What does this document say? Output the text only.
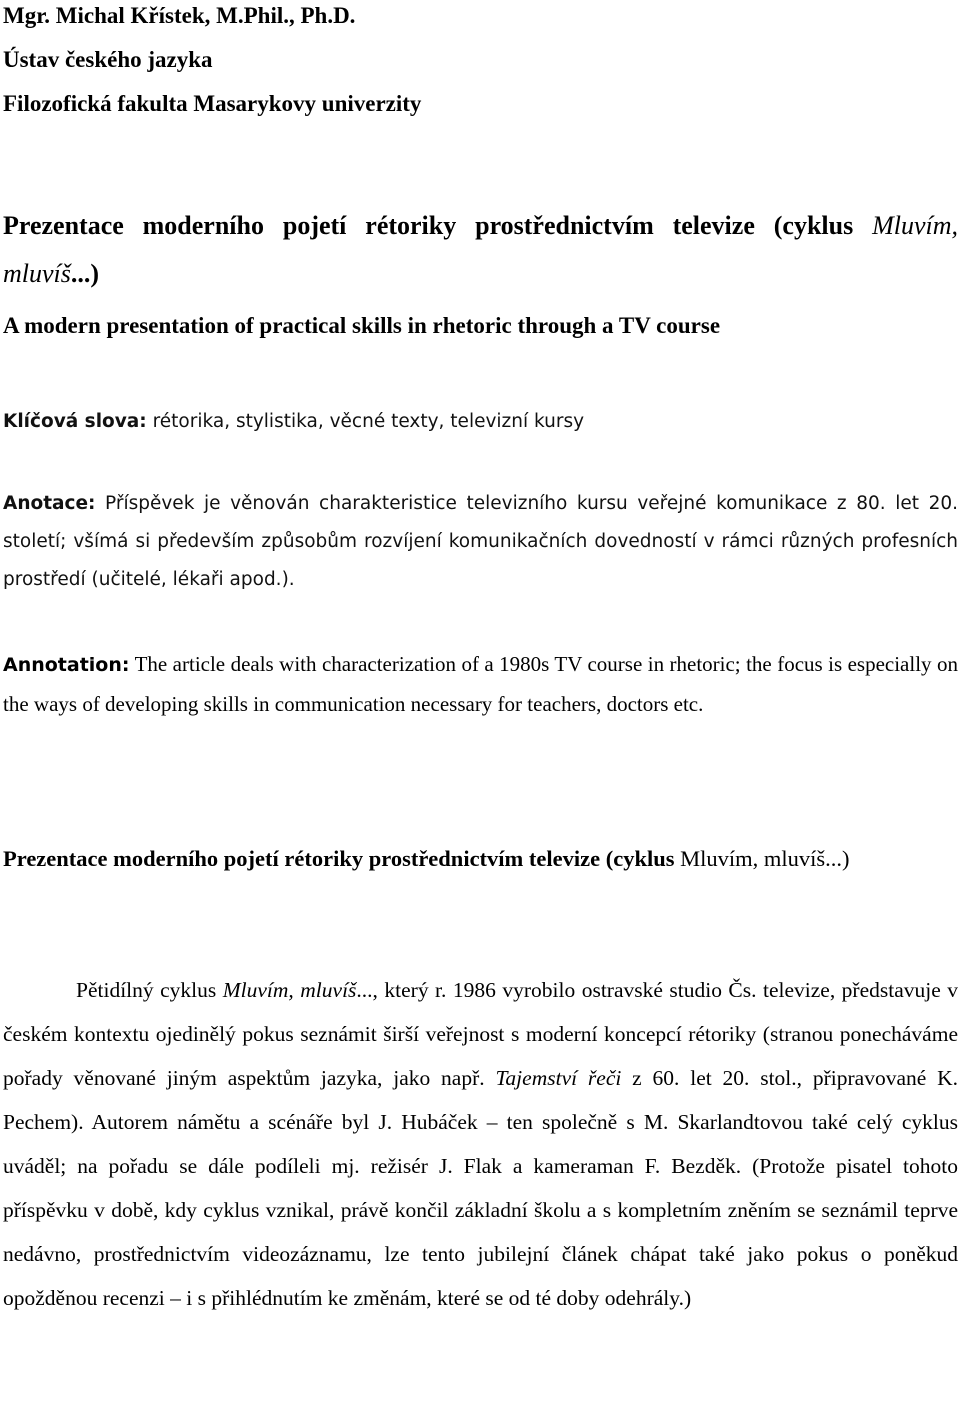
Mgr. Michal Křístek, M.Phil., Ph.D.
Ústav českého jazyka
Filozofická fakulta Masarykovy univerzity
Prezentace moderního pojetí rétoriky prostřednictvím televize (cyklus Mluvím, mluvíš...)
A modern presentation of practical skills in rhetoric through a TV course
Klíčová slova: rétorika, stylistika, věcné texty, televizní kursy
Anotace: Příspěvek je věnován charakteristice televizního kursu veřejné komunikace z 80. let 20. století; všímá si především způsobům rozvíjení komunikačních dovedností v rámci různých profesních prostředí (učitelé, lékaři apod.).
Annotation: The article deals with characterization of a 1980s TV course in rhetoric; the focus is especially on the ways of developing skills in communication necessary for teachers, doctors etc.
Prezentace moderního pojetí rétoriky prostřednictvím televize (cyklus Mluvím, mluvíš...)
Pětidílný cyklus Mluvím, mluvíš..., který r. 1986 vyrobilo ostravské studio Čs. televize, představuje v českém kontextu ojedinělý pokus seznámit širší veřejnost s moderní koncepcí rétoriky (stranou ponecháváme pořady věnované jiným aspektům jazyka, jako např. Tajemství řeči z 60. let 20. stol., připravované K. Pechem). Autorem námětu a scénáře byl J. Hubáček – ten společně s M. Skarlandtovou také celý cyklus uváděl; na pořadu se dále podíleli mj. režisér J. Flak a kameraman F. Bezděk. (Protože pisatel tohoto příspěvku v době, kdy cyklus vznikal, právě končil základní školu a s kompletním zněním se seznámil teprve nedávno, prostřednictvím videozáznamu, lze tento jubilejní článek chápat také jako pokus o poněkud opožděnou recenzi – i s přihlédnutím ke změnám, které se od té doby odehrály.)
